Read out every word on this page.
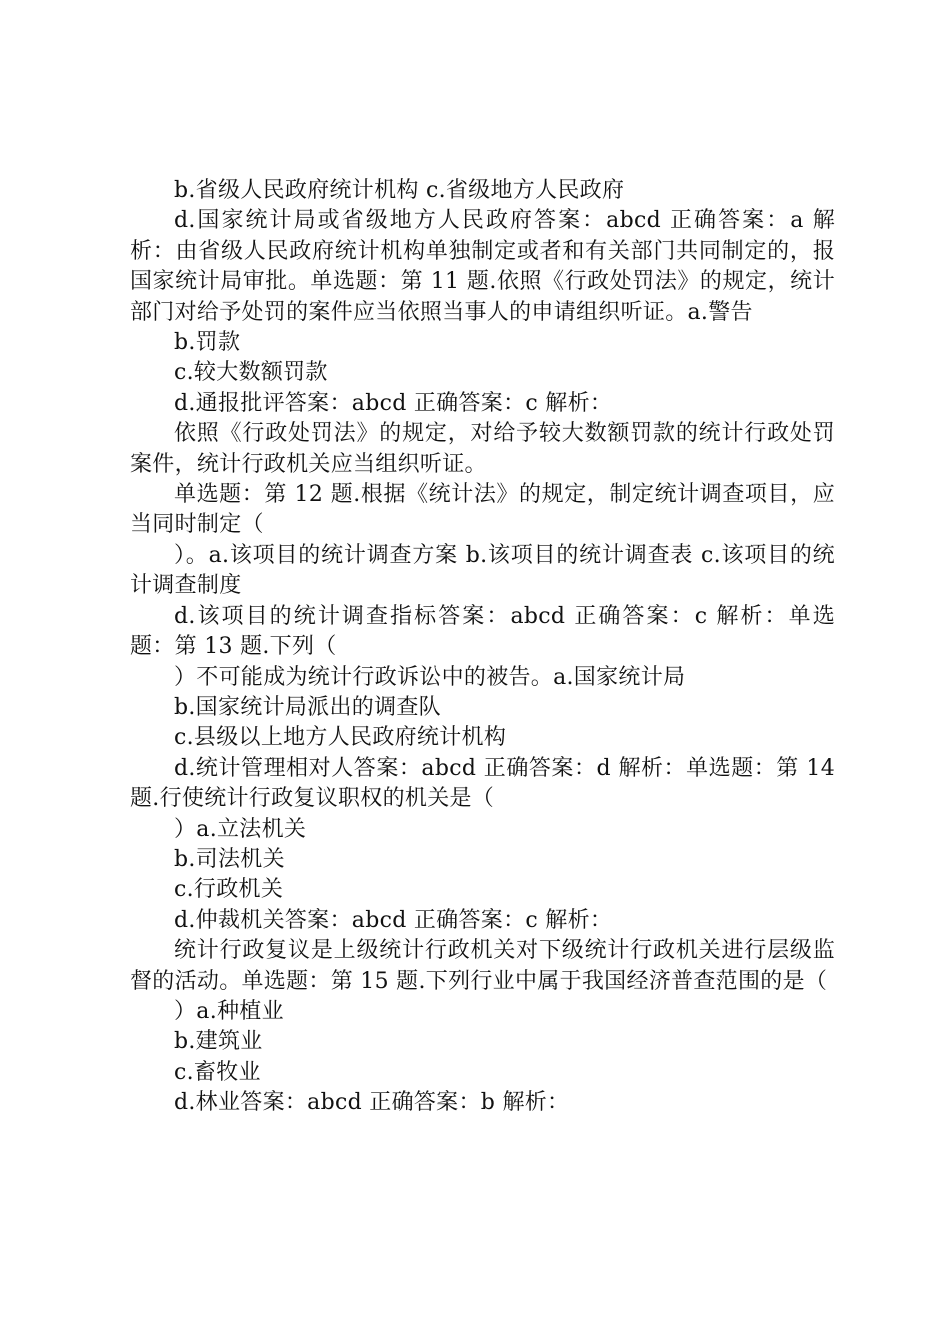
b.省级人民政府统计机构 c.省级地方人民政府

d.国家统计局或省级地方人民政府答案：abcd 正确答案：a 解析：由省级人民政府统计机构单独制定或者和有关部门共同制定的，报国家统计局审批。单选题：第 11 题.依照《行政处罚法》的规定，统计部门对给予处罚的案件应当依照当事人的申请组织听证。a.警告

b.罚款

c.较大数额罚款

d.通报批评答案：abcd 正确答案：c 解析：

依照《行政处罚法》的规定，对给予较大数额罚款的统计行政处罚案件，统计行政机关应当组织听证。

单选题：第 12 题.根据《统计法》的规定，制定统计调查项目，应当同时制定（

）。a.该项目的统计调查方案 b.该项目的统计调查表 c.该项目的统计调查制度

d.该项目的统计调查指标答案：abcd 正确答案：c 解析：单选题：第 13 题.下列（

）不可能成为统计行政诉讼中的被告。a.国家统计局

b.国家统计局派出的调查队

c.县级以上地方人民政府统计机构

d.统计管理相对人答案：abcd 正确答案：d 解析：单选题：第 14 题.行使统计行政复议职权的机关是（

）a.立法机关

b.司法机关

c.行政机关

d.仲裁机关答案：abcd 正确答案：c 解析：

统计行政复议是上级统计行政机关对下级统计行政机关进行层级监督的活动。单选题：第 15 题.下列行业中属于我国经济普查范围的是（

）a.种植业

b.建筑业

c.畜牧业

d.林业答案：abcd 正确答案：b 解析：
